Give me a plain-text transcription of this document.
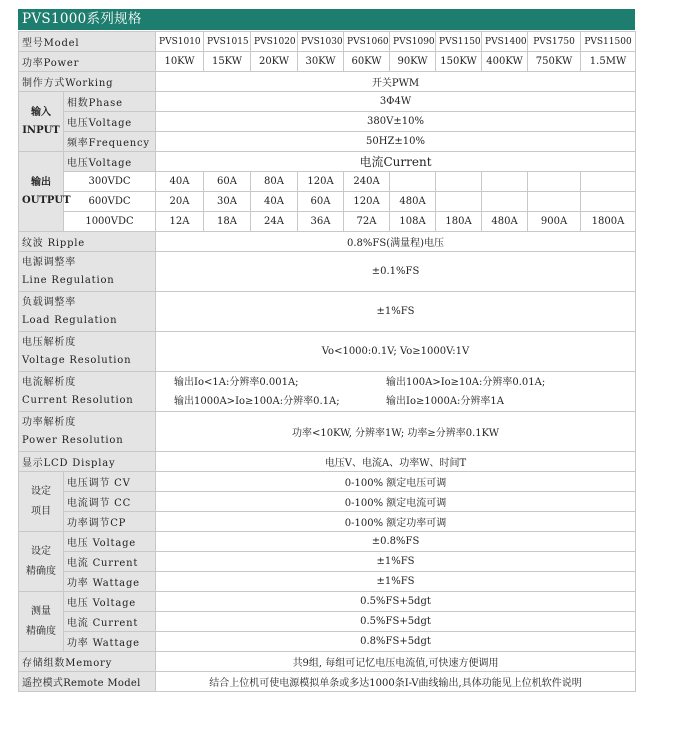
PVS1000系列规格
型号Model		PVS1010	PVS1015	PVS1020	PVS1030	PVS1060	PVS1090	PVS1150	PVS1400	PVS1750	PVS11500
功率Power		10KW	15KW	20KW	30KW	60KW	90KW	150KW	400KW	750KW	1.5MW
制作方式Working		开关PWM									

输入
INPUT	相数Phase	3Φ4W									
	电压Voltage	380V±10%									
	频率Frequency	50HZ±10%									

输出
OUTPUT	电压Voltage	电流Current									
	300VDC	40A	60A	80A	120A	240A					
	600VDC	20A	30A	40A	60A	120A	480A				
	1000VDC	12A	18A	24A	36A	72A	108A	180A	480A	900A	1800A
纹波 Ripple		0.8%FS(满量程)电压									

电源调整率
Line Regulation		±0.1%FS									

负载调整率
Load Regulation		±1%FS									

电压解析度
Voltage Resolution		Vo<1000:0.1V; Vo≥1000V:1V									

电流解析度
Current Resolution		输出Io<1A:分辨率0.001A; 输出100A>Io≥10A:分辨率0.01A;
输出1000A>Io≥100A:分辨率0.1A; 输出Io≥1000A:分辨率1A									

功率解析度
Power Resolution		功率<10KW, 分辨率1W; 功率≥分辨率0.1KW									
显示LCD Display		电压V、电流A、功率W、时间T									

设定
项目	电压调节 CV	0-100% 额定电压可调									
	电流调节 CC	0-100% 额定电流可调									
	功率调节CP	0-100% 额定功率可调									

设定
精确度	电压 Voltage	±0.8%FS									
	电流 Current	±1%FS									
	功率 Wattage	±1%FS									

测量
精确度	电压 Voltage	0.5%FS+5dgt									
	电流 Current	0.5%FS+5dgt									
	功率 Wattage	0.8%FS+5dgt									
存储组数Memory		共9组, 每组可记忆电压电流值,可快速方便调用									
遥控模式Remote Model		结合上位机可使电源模拟单条或多达1000条I-V曲线输出,具体功能见上位机软件说明									
